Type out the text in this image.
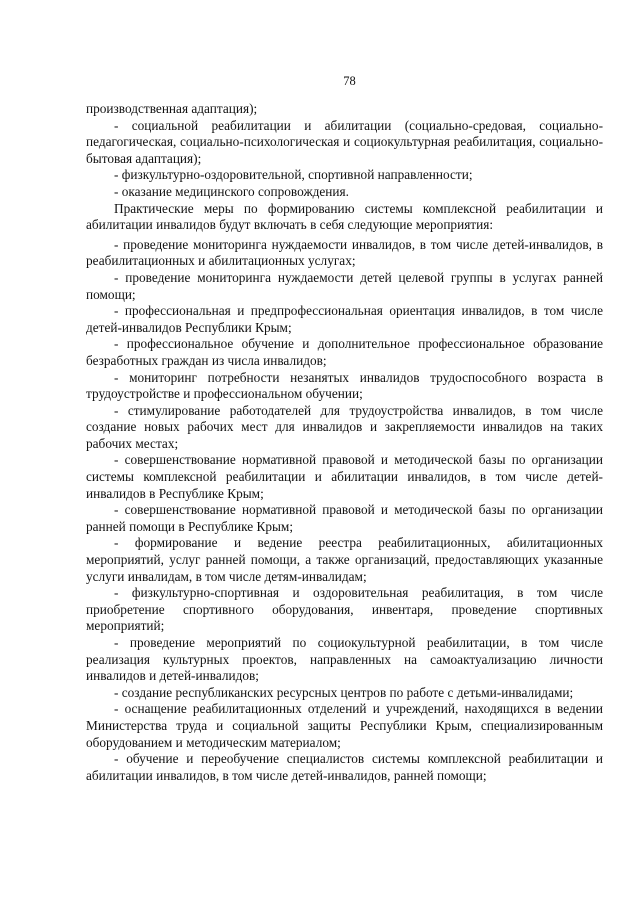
78

производственная адаптация);

- социальной реабилитации и абилитации (социально-средовая, социально-педагогическая, социально-психологическая и социокультурная реабилитация, социально-бытовая адаптация);

- физкультурно-оздоровительной, спортивной направленности;

- оказание медицинского сопровождения.

Практические меры по формированию системы комплексной реабилитации и абилитации инвалидов будут включать в себя следующие мероприятия:

- проведение мониторинга нуждаемости инвалидов, в том числе детей-инвалидов, в реабилитационных и абилитационных услугах;

- проведение мониторинга нуждаемости детей целевой группы в услугах ранней помощи;

- профессиональная и предпрофессиональная ориентация инвалидов, в том числе детей-инвалидов Республики Крым;

- профессиональное обучение и дополнительное профессиональное образование безработных граждан из числа инвалидов;

- мониторинг потребности незанятых инвалидов трудоспособного возраста в трудоустройстве и профессиональном обучении;

- стимулирование работодателей для трудоустройства инвалидов, в том числе создание новых рабочих мест для инвалидов и закрепляемости инвалидов на таких рабочих местах;

- совершенствование нормативной правовой и методической базы по организации системы комплексной реабилитации и абилитации инвалидов, в том числе детей-инвалидов в Республике Крым;

- совершенствование нормативной правовой и методической базы по организации ранней помощи в Республике Крым;

- формирование и ведение реестра реабилитационных, абилитационных мероприятий, услуг ранней помощи, а также организаций, предоставляющих указанные услуги инвалидам, в том числе детям-инвалидам;

- физкультурно-спортивная и оздоровительная реабилитация, в том числе приобретение спортивного оборудования, инвентаря, проведение спортивных мероприятий;

- проведение мероприятий по социокультурной реабилитации, в том числе реализация культурных проектов, направленных на самоактуализацию личности инвалидов и детей-инвалидов;

- создание республиканских ресурсных центров по работе с детьми-инвалидами;

- оснащение реабилитационных отделений и учреждений, находящихся в ведении Министерства труда и социальной защиты Республики Крым, специализированным оборудованием и методическим материалом;

- обучение и переобучение специалистов системы комплексной реабилитации и абилитации инвалидов, в том числе детей-инвалидов, ранней помощи;
